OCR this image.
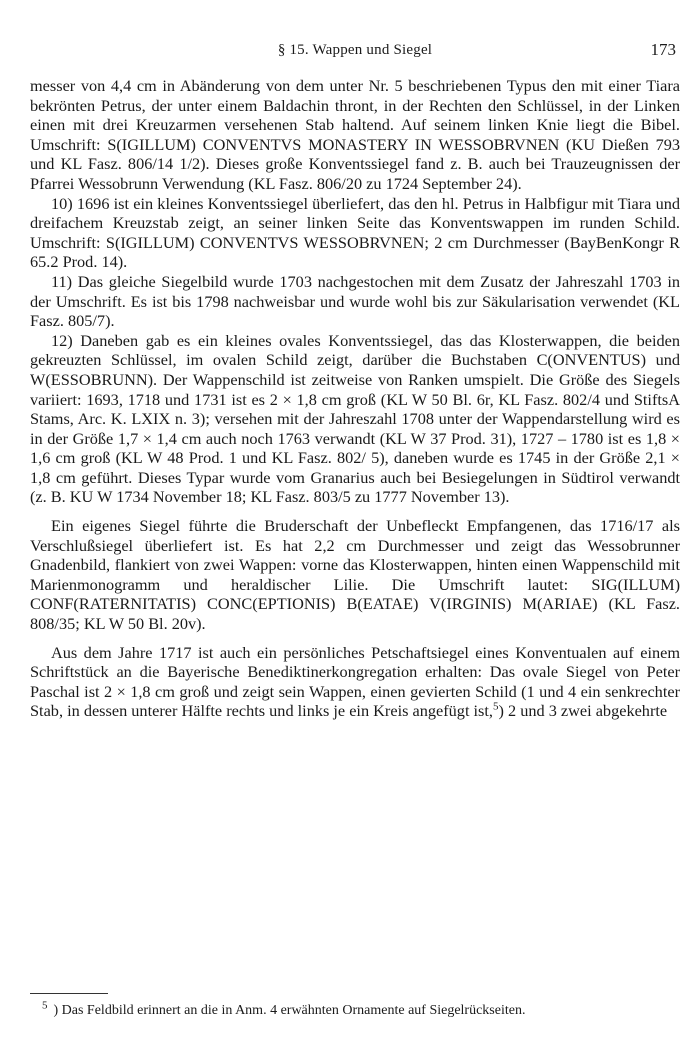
§ 15. Wappen und Siegel	173

messer von 4,4 cm in Abänderung von dem unter Nr. 5 beschriebenen Typus den mit einer Tiara bekrönten Petrus, der unter einem Baldachin thront, in der Rechten den Schlüssel, in der Linken einen mit drei Kreuzarmen versehenen Stab haltend. Auf seinem linken Knie liegt die Bibel. Umschrift: S(IGILLUM) CONVENTVS MONASTERY IN WESSOBRVNEN (KU Dießen 793 und KL Fasz. 806/14 1/2). Dieses große Konventssiegel fand z. B. auch bei Trauzeugnissen der Pfarrei Wessobrunn Verwendung (KL Fasz. 806/20 zu 1724 September 24).

10) 1696 ist ein kleines Konventssiegel überliefert, das den hl. Petrus in Halbfigur mit Tiara und dreifachem Kreuzstab zeigt, an seiner linken Seite das Konventswappen im runden Schild. Umschrift: S(IGILLUM) CONVENTVS WESSOBRVNEN; 2 cm Durchmesser (BayBenKongr R 65.2 Prod. 14).

11) Das gleiche Siegelbild wurde 1703 nachgestochen mit dem Zusatz der Jahreszahl 1703 in der Umschrift. Es ist bis 1798 nachweisbar und wurde wohl bis zur Säkularisation verwendet (KL Fasz. 805/7).

12) Daneben gab es ein kleines ovales Konventssiegel, das das Klosterwappen, die beiden gekreuzten Schlüssel, im ovalen Schild zeigt, darüber die Buchstaben C(ONVENTUS) und W(ESSOBRUNN). Der Wappenschild ist zeitweise von Ranken umspielt. Die Größe des Siegels variiert: 1693, 1718 und 1731 ist es 2 × 1,8 cm groß (KL W 50 Bl. 6r, KL Fasz. 802/4 und StiftsA Stams, Arc. K. LXIX n. 3); versehen mit der Jahreszahl 1708 unter der Wappendarstellung wird es in der Größe 1,7 × 1,4 cm auch noch 1763 verwandt (KL W 37 Prod. 31), 1727 – 1780 ist es 1,8 × 1,6 cm groß (KL W 48 Prod. 1 und KL Fasz. 802/ 5), daneben wurde es 1745 in der Größe 2,1 × 1,8 cm geführt. Dieses Typar wurde vom Granarius auch bei Besiegelungen in Südtirol verwandt (z. B. KU W 1734 November 18; KL Fasz. 803/5 zu 1777 November 13).

Ein eigenes Siegel führte die Bruderschaft der Unbefleckt Empfangenen, das 1716/17 als Verschlußsiegel überliefert ist. Es hat 2,2 cm Durchmesser und zeigt das Wessobrunner Gnadenbild, flankiert von zwei Wappen: vorne das Klosterwappen, hinten einen Wappenschild mit Marienmonogramm und heraldischer Lilie. Die Umschrift lautet: SIG(ILLUM) CONF(RATERNITATIS) CONC(EPTIONIS) B(EATAE) V(IRGINIS) M(ARIAE) (KL Fasz. 808/35; KL W 50 Bl. 20v).

Aus dem Jahre 1717 ist auch ein persönliches Petschaftsiegel eines Konventualen auf einem Schriftstück an die Bayerische Benediktinerkongregation erhalten: Das ovale Siegel von Peter Paschal ist 2 × 1,8 cm groß und zeigt sein Wappen, einen gevierten Schild (1 und 4 ein senkrechter Stab, in dessen unterer Hälfte rechts und links je ein Kreis angefügt ist,$^5$) 2 und 3 zwei abgekehrte

$^5$ ) Das Feldbild erinnert an die in Anm. 4 erwähnten Ornamente auf Siegelrückseiten.
